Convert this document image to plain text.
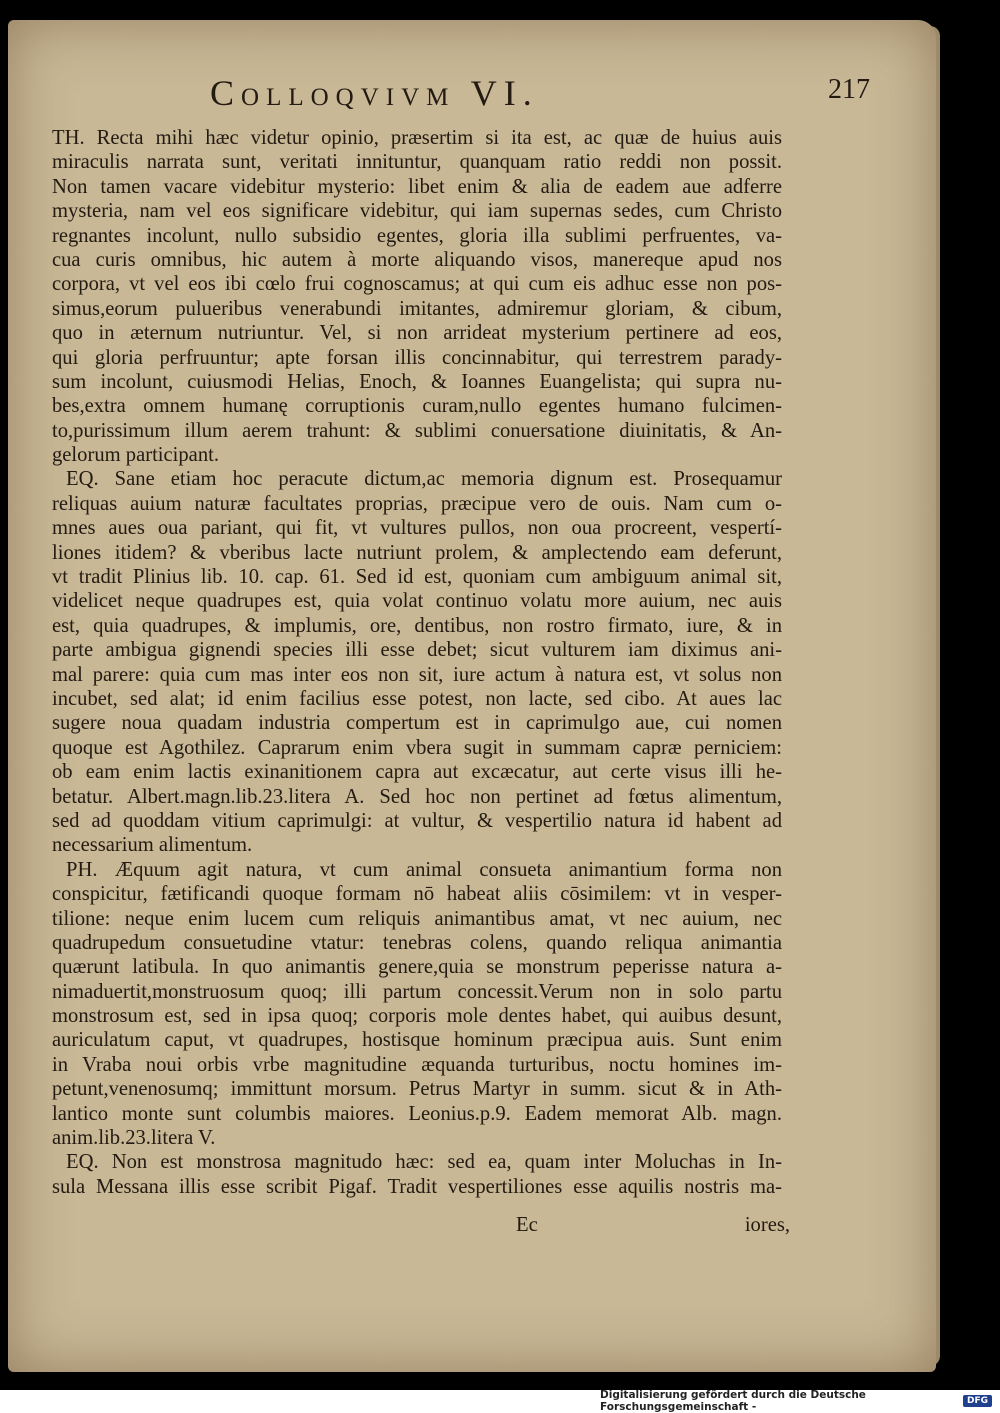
Colloqvivm VI.	217
TH. Recta mihi hæc videtur opinio, præsertim si ita est, ac quæ de huius auis
miraculis narrata sunt, veritati innituntur, quanquam ratio reddi non possit.
Non tamen vacare videbitur mysterio: libet enim & alia de eadem aue adferre
mysteria, nam vel eos significare videbitur, qui iam supernas sedes, cum Christo
regnantes incolunt, nullo subsidio egentes, gloria illa sublimi perfruentes, va-
cua curis omnibus, hic autem à morte aliquando visos, manereque apud nos
corpora, vt vel eos ibi cœlo frui cognoscamus; at qui cum eis adhuc esse non pos-
simus,eorum pulueribus venerabundi imitantes, admiremur gloriam, & cibum,
quo in æternum nutriuntur. Vel, si non arrideat mysterium pertinere ad eos,
qui gloria perfruuntur; apte forsan illis concinnabitur, qui terrestrem parady-
sum incolunt, cuiusmodi Helias, Enoch, & Ioannes Euangelista; qui supra nu-
bes,extra omnem humanę corruptionis curam,nullo egentes humano fulcimen-
to,purissimum illum aerem trahunt: & sublimi conuersatione diuinitatis, & An-
gelorum participant.
EQ. Sane etiam hoc peracute dictum,ac memoria dignum est. Prosequamur
reliquas auium naturæ facultates proprias, præcipue vero de ouis. Nam cum o-
mnes aues oua pariant, qui fit, vt vultures pullos, non oua procreent, vespertí-
liones itidem? & vberibus lacte nutriunt prolem, & amplectendo eam deferunt,
vt tradit Plinius lib. 10. cap. 61. Sed id est, quoniam cum ambiguum animal sit,
videlicet neque quadrupes est, quia volat continuo volatu more auium, nec auis
est, quia quadrupes, & implumis, ore, dentibus, non rostro firmato, iure, & in
parte ambigua gignendi species illi esse debet; sicut vulturem iam diximus ani-
mal parere: quia cum mas inter eos non sit, iure actum à natura est, vt solus non
incubet, sed alat; id enim facilius esse potest, non lacte, sed cibo. At aues lac
sugere noua quadam industria compertum est in caprimulgo aue, cui nomen
quoque est Agothilez. Caprarum enim vbera sugit in summam capræ perniciem:
ob eam enim lactis exinanitionem capra aut excæcatur, aut certe visus illi he-
betatur. Albert.magn.lib.23.litera A. Sed hoc non pertinet ad fœtus alimentum,
sed ad quoddam vitium caprimulgi: at vultur, & vespertilio natura id habent ad
necessarium alimentum.
PH. Æquum agit natura, vt cum animal consueta animantium forma non
conspicitur, fætificandi quoque formam nō habeat aliis cōsimilem: vt in vesper-
tilione: neque enim lucem cum reliquis animantibus amat, vt nec auium, nec
quadrupedum consuetudine vtatur: tenebras colens, quando reliqua animantia
quærunt latibula. In quo animantis genere,quia se monstrum peperisse natura a-
nimaduertit,monstruosum quoq; illi partum concessit.Verum non in solo partu
monstrosum est, sed in ipsa quoq; corporis mole dentes habet, qui auibus desunt,
auriculatum caput, vt quadrupes, hostisque hominum præcipua auis. Sunt enim
in Vraba noui orbis vrbe magnitudine æquanda turturibus, noctu homines im-
petunt,venenosumq; immittunt morsum. Petrus Martyr in summ. sicut & in Ath-
lantico monte sunt columbis maiores. Leonius.p.9. Eadem memorat Alb. magn.
anim.lib.23.litera V.
EQ. Non est monstrosa magnitudo hæc: sed ea, quam inter Moluchas in In-
sula Messana illis esse scribit Pigaf. Tradit vespertiliones esse aquilis nostris ma-
Ec	iores,
Digitalisierung gefördert durch die Deutsche Forschungsgemeinschaft -	DFG
